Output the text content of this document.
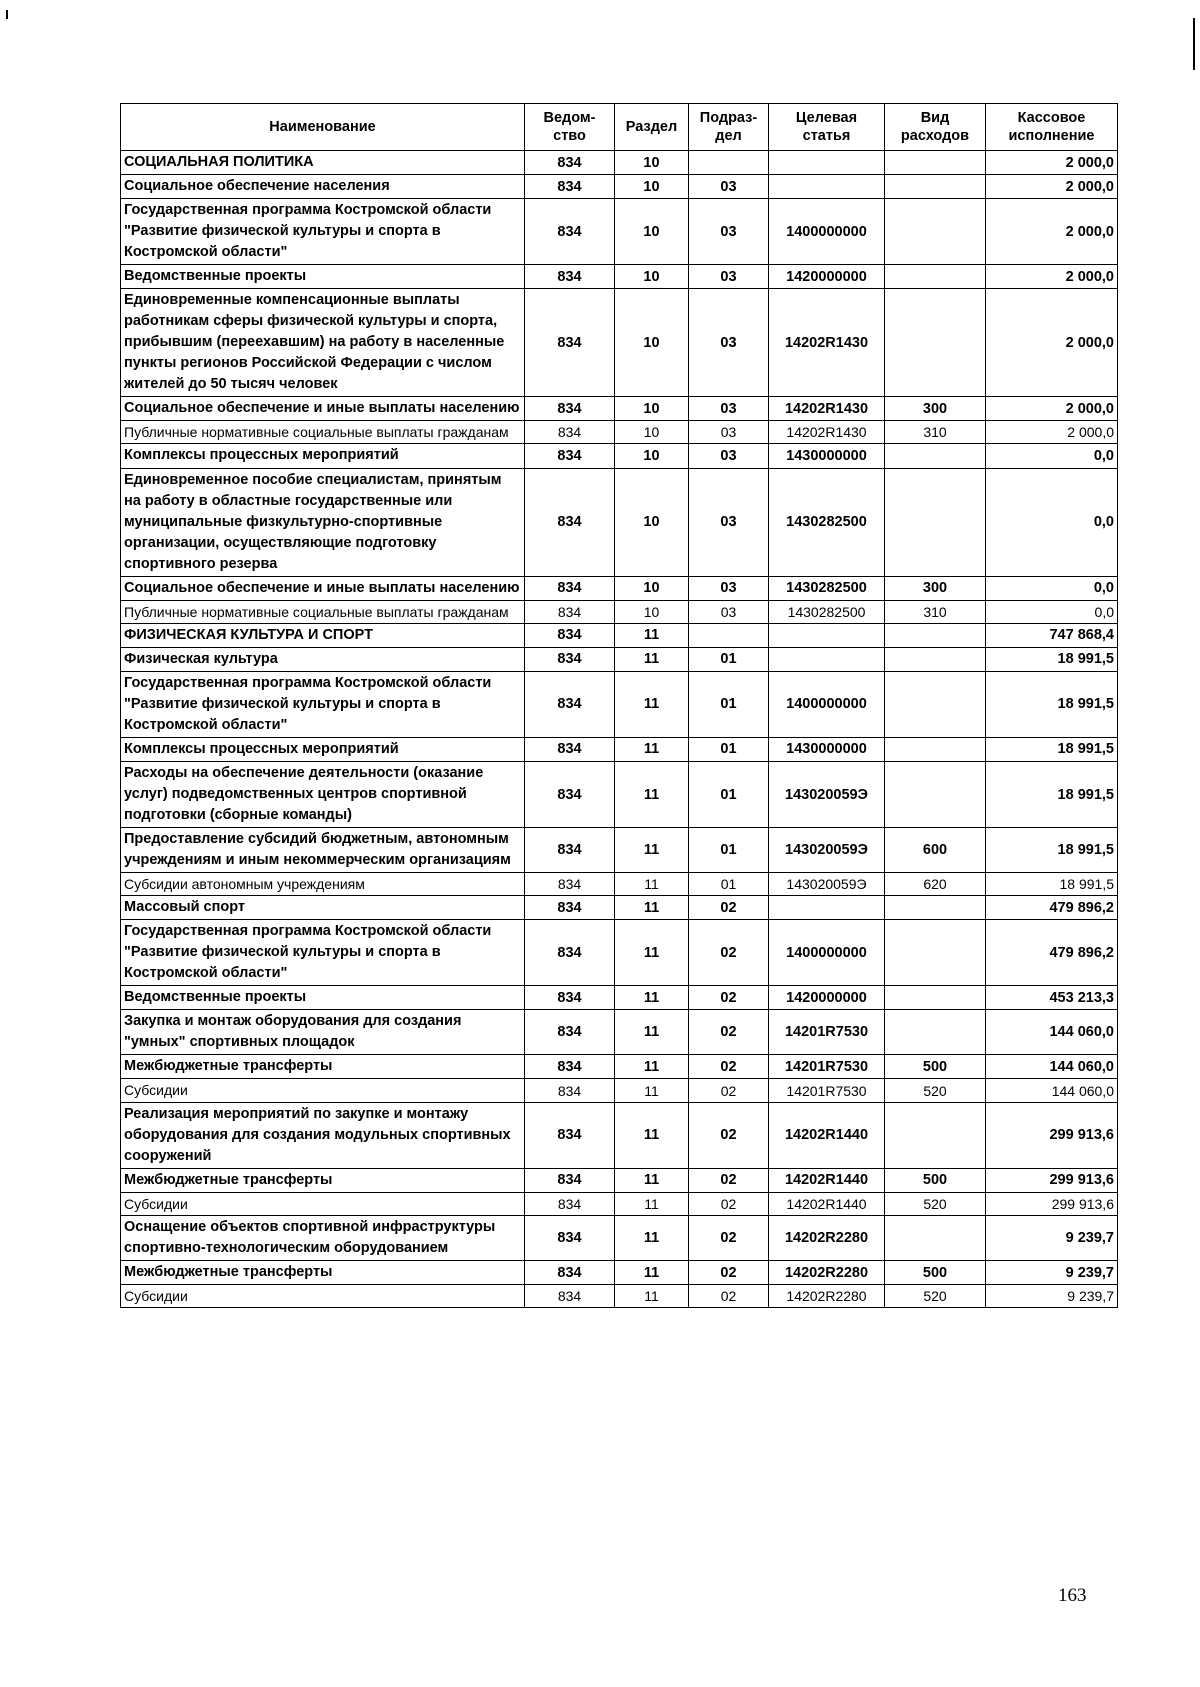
Наименование	Ведом-ство	Раздел	Подраз-дел	Целевая статья	Вид расходов	Кассовое исполнение
СОЦИАЛЬНАЯ ПОЛИТИКА	834	10				2 000,0
Социальное обеспечение населения	834	10	03			2 000,0
Государственная программа Костромской области "Развитие физической культуры и спорта в Костромской области"	834	10	03	1400000000		2 000,0
Ведомственные проекты	834	10	03	1420000000		2 000,0
Единовременные компенсационные выплаты работникам сферы физической культуры и спорта, прибывшим (переехавшим) на работу в населенные пункты регионов Российской Федерации с числом жителей до 50 тысяч человек	834	10	03	14202R1430		2 000,0
Социальное обеспечение и иные выплаты населению	834	10	03	14202R1430	300	2 000,0
Публичные нормативные социальные выплаты гражданам	834	10	03	14202R1430	310	2 000,0
Комплексы процессных мероприятий	834	10	03	1430000000		0,0
Единовременное пособие специалистам, принятым на работу в областные государственные или муниципальные физкультурно-спортивные организации, осуществляющие подготовку спортивного резерва	834	10	03	1430282500		0,0
Социальное обеспечение и иные выплаты населению	834	10	03	1430282500	300	0,0
Публичные нормативные социальные выплаты гражданам	834	10	03	1430282500	310	0,0
ФИЗИЧЕСКАЯ КУЛЬТУРА И СПОРТ	834	11				747 868,4
Физическая культура	834	11	01			18 991,5
Государственная программа Костромской области "Развитие физической культуры и спорта в Костромской области"	834	11	01	1400000000		18 991,5
Комплексы процессных мероприятий	834	11	01	1430000000		18 991,5
Расходы на обеспечение деятельности (оказание услуг) подведомственных центров спортивной подготовки (сборные команды)	834	11	01	143020059Э		18 991,5
Предоставление субсидий бюджетным, автономным учреждениям и иным некоммерческим организациям	834	11	01	143020059Э	600	18 991,5
Субсидии автономным учреждениям	834	11	01	143020059Э	620	18 991,5
Массовый спорт	834	11	02			479 896,2
Государственная программа Костромской области "Развитие физической культуры и спорта в Костромской области"	834	11	02	1400000000		479 896,2
Ведомственные проекты	834	11	02	1420000000		453 213,3
Закупка и монтаж оборудования для создания "умных" спортивных площадок	834	11	02	14201R7530		144 060,0
Межбюджетные трансферты	834	11	02	14201R7530	500	144 060,0
Субсидии	834	11	02	14201R7530	520	144 060,0
Реализация мероприятий по закупке и монтажу оборудования для создания модульных спортивных сооружений	834	11	02	14202R1440		299 913,6
Межбюджетные трансферты	834	11	02	14202R1440	500	299 913,6
Субсидии	834	11	02	14202R1440	520	299 913,6
Оснащение объектов спортивной инфраструктуры спортивно-технологическим оборудованием	834	11	02	14202R2280		9 239,7
Межбюджетные трансферты	834	11	02	14202R2280	500	9 239,7
Субсидии	834	11	02	14202R2280	520	9 239,7
163
